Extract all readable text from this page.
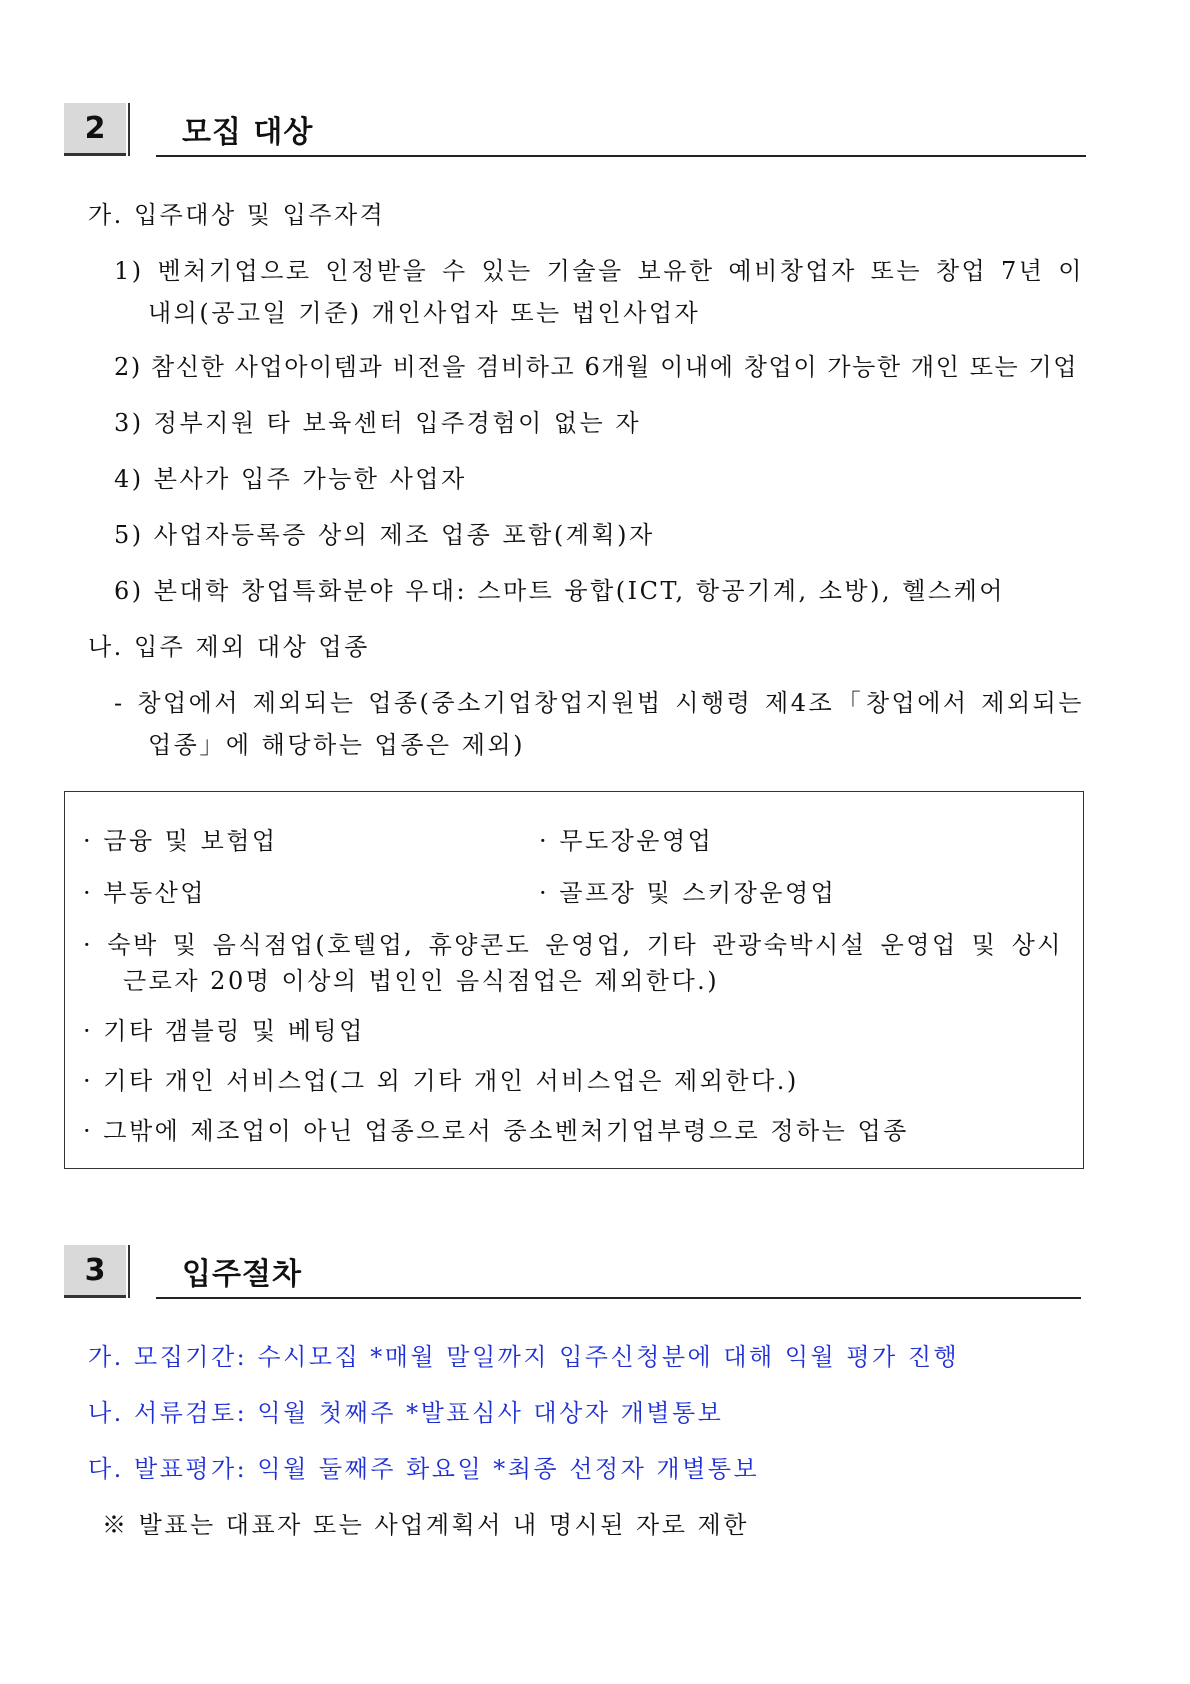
2	모집 대상
가. 입주대상 및 입주자격
1) 벤처기업으로 인정받을 수 있는 기술을 보유한 예비창업자 또는 창업 7년 이
내의(공고일 기준) 개인사업자 또는 법인사업자
2) 참신한 사업아이템과 비전을 겸비하고 6개월 이내에 창업이 가능한 개인 또는 기업
3) 정부지원 타 보육센터 입주경험이 없는 자
4) 본사가 입주 가능한 사업자
5) 사업자등록증 상의 제조 업종 포함(계획)자
6) 본대학 창업특화분야 우대: 스마트 융합(ICT, 항공기계, 소방), 헬스케어
나. 입주 제외 대상 업종
- 창업에서 제외되는 업종(중소기업창업지원법 시행령 제4조「창업에서 제외되는
업종」에 해당하는 업종은 제외)
· 금융 및 보험업	· 무도장운영업
· 부동산업	· 골프장 및 스키장운영업
· 숙박 및 음식점업(호텔업, 휴양콘도 운영업, 기타 관광숙박시설 운영업 및 상시
근로자 20명 이상의 법인인 음식점업은 제외한다.)
· 기타 갬블링 및 베팅업
· 기타 개인 서비스업(그 외 기타 개인 서비스업은 제외한다.)
· 그밖에 제조업이 아닌 업종으로서 중소벤처기업부령으로 정하는 업종
3	입주절차
가. 모집기간: 수시모집 *매월 말일까지 입주신청분에 대해 익월 평가 진행
나. 서류검토: 익월 첫째주 *발표심사 대상자 개별통보
다. 발표평가: 익월 둘째주 화요일 *최종 선정자 개별통보
※ 발표는 대표자 또는 사업계획서 내 명시된 자로 제한
